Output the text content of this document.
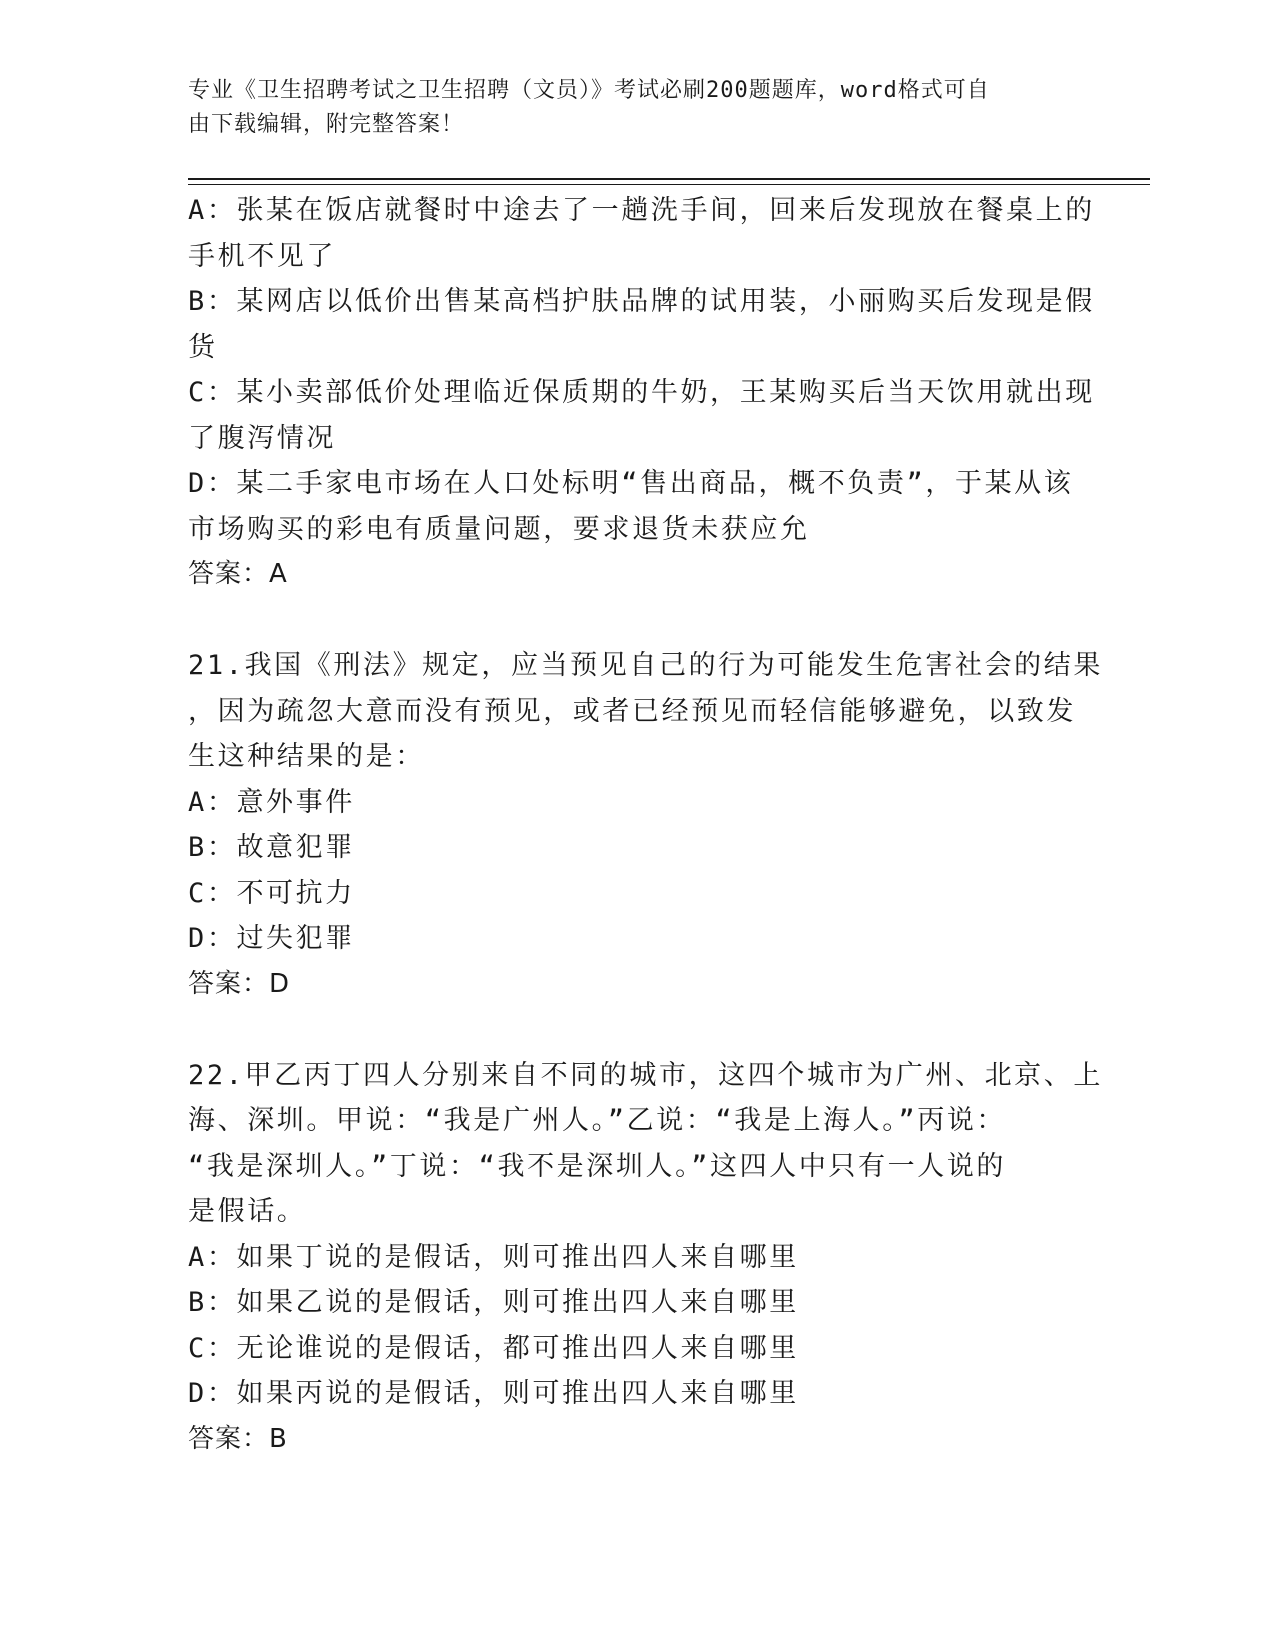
专业《卫生招聘考试之卫生招聘（文员）》考试必刷200题题库，word格式可自
由下载编辑，附完整答案！
A：张某在饭店就餐时中途去了一趟洗手间，回来后发现放在餐桌上的
手机不见了
B：某网店以低价出售某高档护肤品牌的试用装，小丽购买后发现是假
货
C：某小卖部低价处理临近保质期的牛奶，王某购买后当天饮用就出现
了腹泻情况
D：某二手家电市场在人口处标明“售出商品，概不负责”，于某从该
市场购买的彩电有质量问题，要求退货未获应允
答案：A
21.我国《刑法》规定，应当预见自己的行为可能发生危害社会的结果
，因为疏忽大意而没有预见，或者已经预见而轻信能够避免，以致发
生这种结果的是：
A：意外事件
B：故意犯罪
C：不可抗力
D：过失犯罪
答案：D
22.甲乙丙丁四人分别来自不同的城市，这四个城市为广州、北京、上
海、深圳。甲说：“我是广州人。”乙说：“我是上海人。”丙说：
“我是深圳人。”丁说：“我不是深圳人。”这四人中只有一人说的
是假话。
A：如果丁说的是假话，则可推出四人来自哪里
B：如果乙说的是假话，则可推出四人来自哪里
C：无论谁说的是假话，都可推出四人来自哪里
D：如果丙说的是假话，则可推出四人来自哪里
答案：B
